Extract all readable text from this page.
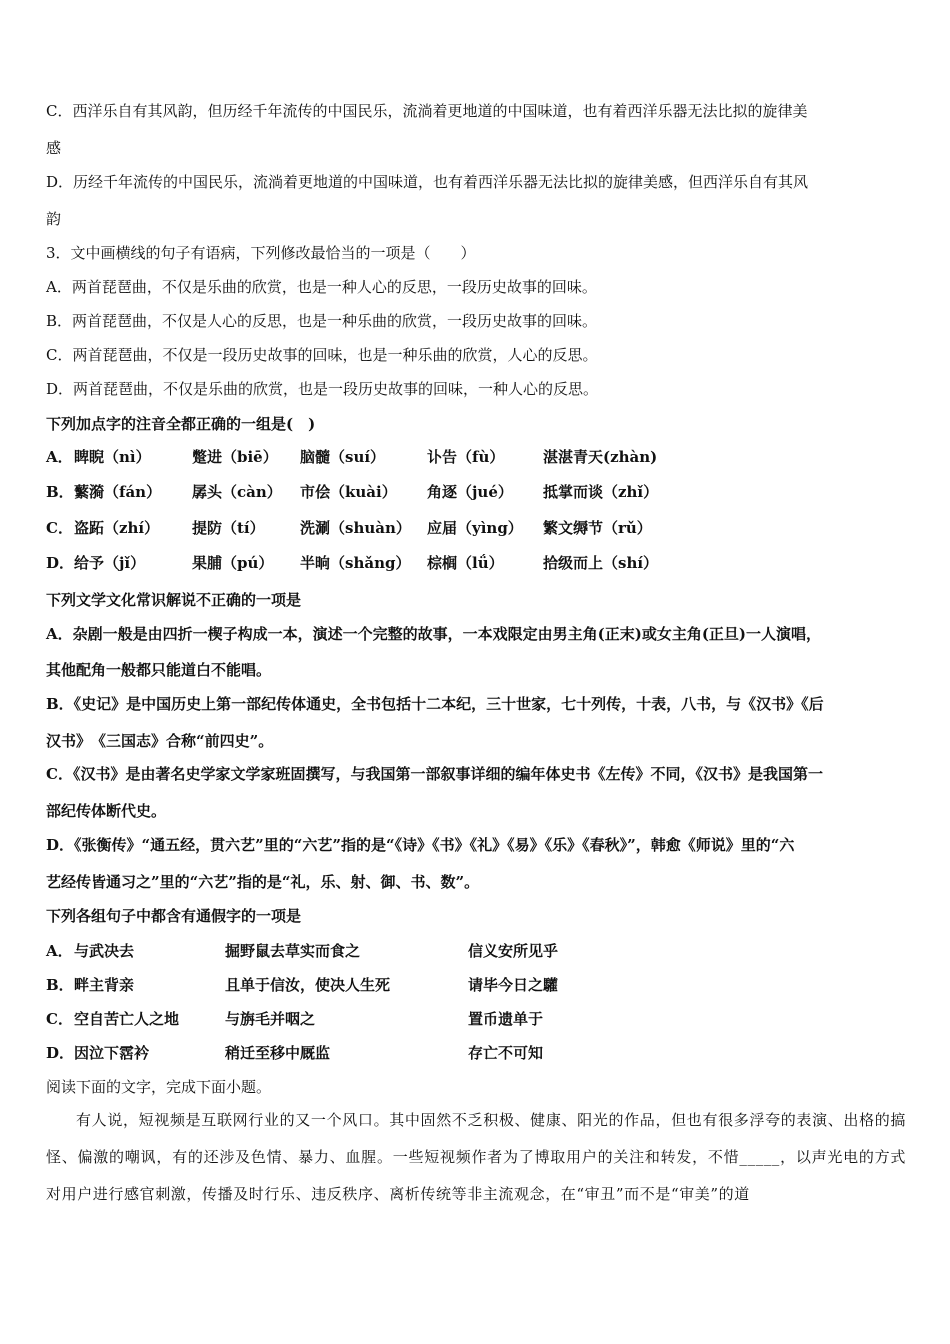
C．西洋乐自有其风韵，但历经千年流传的中国民乐，流淌着更地道的中国味道，也有着西洋乐器无法比拟的旋律美
感
D．历经千年流传的中国民乐，流淌着更地道的中国味道，也有着西洋乐器无法比拟的旋律美感，但西洋乐自有其风
韵
3．文中画横线的句子有语病，下列修改最恰当的一项是（　　）
A．两首琵琶曲，不仅是乐曲的欣赏，也是一种人心的反思，一段历史故事的回味。
B．两首琵琶曲，不仅是人心的反思，也是一种乐曲的欣赏，一段历史故事的回味。
C．两首琵琶曲，不仅是一段历史故事的回味，也是一种乐曲的欣赏，人心的反思。
D．两首琵琶曲，不仅是乐曲的欣赏，也是一段历史故事的回味，一种人心的反思。
下列加点字的注音全都正确的一组是(　)
A． 睥睨（nì）	蹩进（biē） 脑髓（suí）	讣告（fù）	湛湛青天(zhàn)
B． 蘩漪（fán） 孱头（càn） 市侩（kuài） 角逐（jué） 抵掌而谈（zhǐ）
C． 盗跖（zhí） 提防（tí） 洗涮（shuàn） 应届（yìng） 繁文缛节（rǔ）
D． 给予（jǐ）	果脯（pú） 半晌（shǎng） 棕榈（lǘ）	拾级而上（shí）
下列文学文化常识解说不正确的一项是
A．杂剧一般是由四折一楔子构成一本，演述一个完整的故事，一本戏限定由男主角(正末)或女主角(正旦)一人演唱，
其他配角一般都只能道白不能唱。
B．《史记》是中国历史上第一部纪传体通史，全书包括十二本纪，三十世家，七十列传，十表，八书，与《汉书》《后
汉书》　《三国志》合称“前四史”。
C．《汉书》是由著名史学家文学家班固撰写，与我国第一部叙事详细的编年体史书《左传》不同，《汉书》是我国第一
部纪传体断代史。
D．《张衡传》“通五经，贯六艺”里的“六艺”指的是“《诗》《书》《礼》《易》《乐》《春秋》”，韩愈《师说》里的“六
艺经传皆通习之”里的“六艺”指的是“礼，乐、射、御、书、数”。
下列各组句子中都含有通假字的一项是
A． 与武决去	掘野鼠去草实而食之	信义安所见乎
B． 畔主背亲	且单于信汝，使决人生死	请毕今日之驩
C． 空自苦亡人之地	与旃毛并咽之	置币遗单于
D． 因泣下霑衿	稍迁至移中厩监	存亡不可知
阅读下面的文字，完成下面小题。
有人说，短视频是互联网行业的又一个风口。其中固然不乏积极、健康、阳光的作品，但也有很多浮夸的表演、出格的搞怪、偏激的嘲讽，有的还涉及色情、暴力、血腥。一些短视频作者为了博取用户的关注和转发，不惜_____，以声光电的方式对用户进行感官刺激，传播及时行乐、违反秩序、离析传统等非主流观念，在“审丑”而不是“审美”的道
